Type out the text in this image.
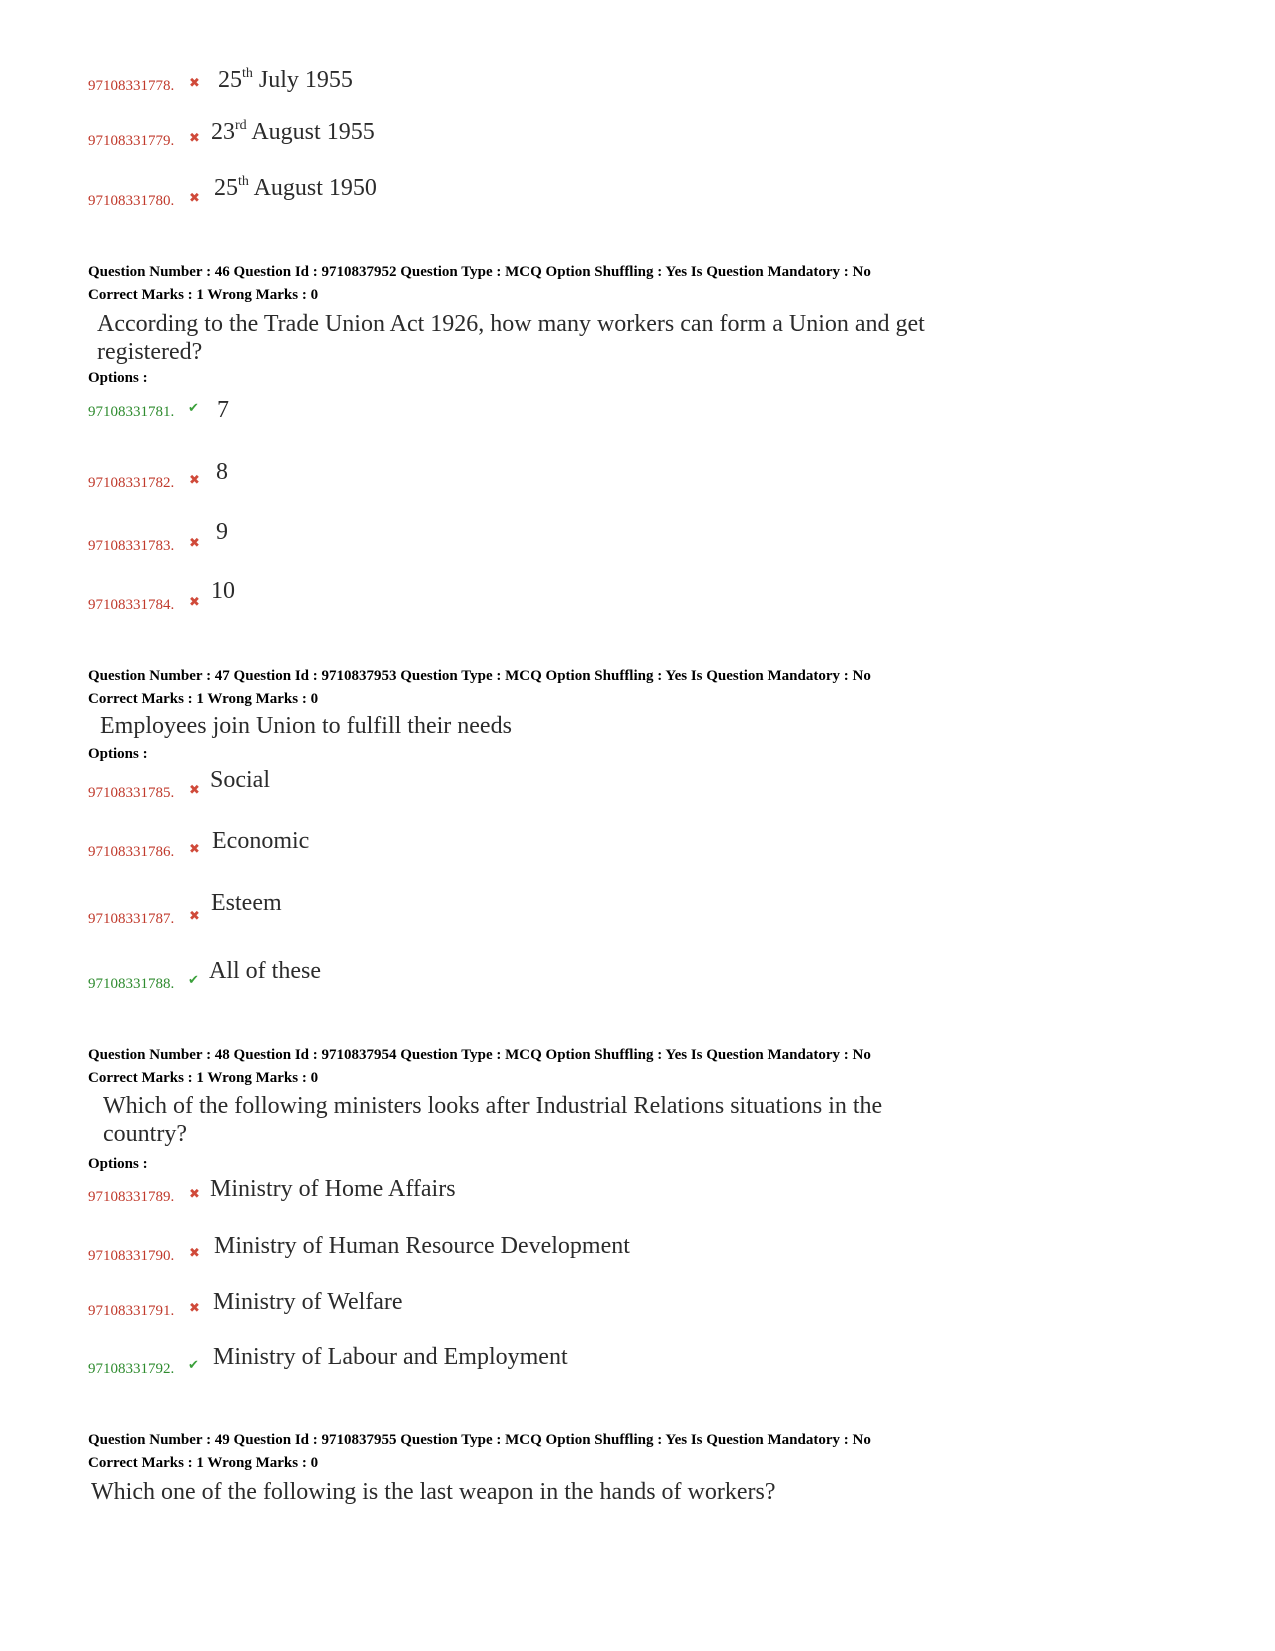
97108331778. ✖ 25th July 1955
97108331779. ✖ 23rd August 1955
97108331780. ✖ 25th August 1950
Question Number : 46 Question Id : 9710837952 Question Type : MCQ Option Shuffling : Yes Is Question Mandatory : No
Correct Marks : 1 Wrong Marks : 0
According to the Trade Union Act 1926, how many workers can form a Union and get
registered?
Options :
97108331781. ✔ 7
97108331782. ✖ 8
97108331783. ✖ 9
97108331784. ✖ 10
Question Number : 47 Question Id : 9710837953 Question Type : MCQ Option Shuffling : Yes Is Question Mandatory : No
Correct Marks : 1 Wrong Marks : 0
Employees join Union to fulfill their needs
Options :
97108331785. ✖ Social
97108331786. ✖ Economic
97108331787. ✖
Esteem
97108331788. ✔ All of these
Question Number : 48 Question Id : 9710837954 Question Type : MCQ Option Shuffling : Yes Is Question Mandatory : No
Correct Marks : 1 Wrong Marks : 0
Which of the following ministers looks after Industrial Relations situations in the
country?
Options :
97108331789. ✖ Ministry of Home Affairs
97108331790. ✖ Ministry of Human Resource Development
97108331791. ✖ Ministry of Welfare
97108331792. ✔ Ministry of Labour and Employment
Question Number : 49 Question Id : 9710837955 Question Type : MCQ Option Shuffling : Yes Is Question Mandatory : No
Correct Marks : 1 Wrong Marks : 0
Which one of the following is the last weapon in the hands of workers?
